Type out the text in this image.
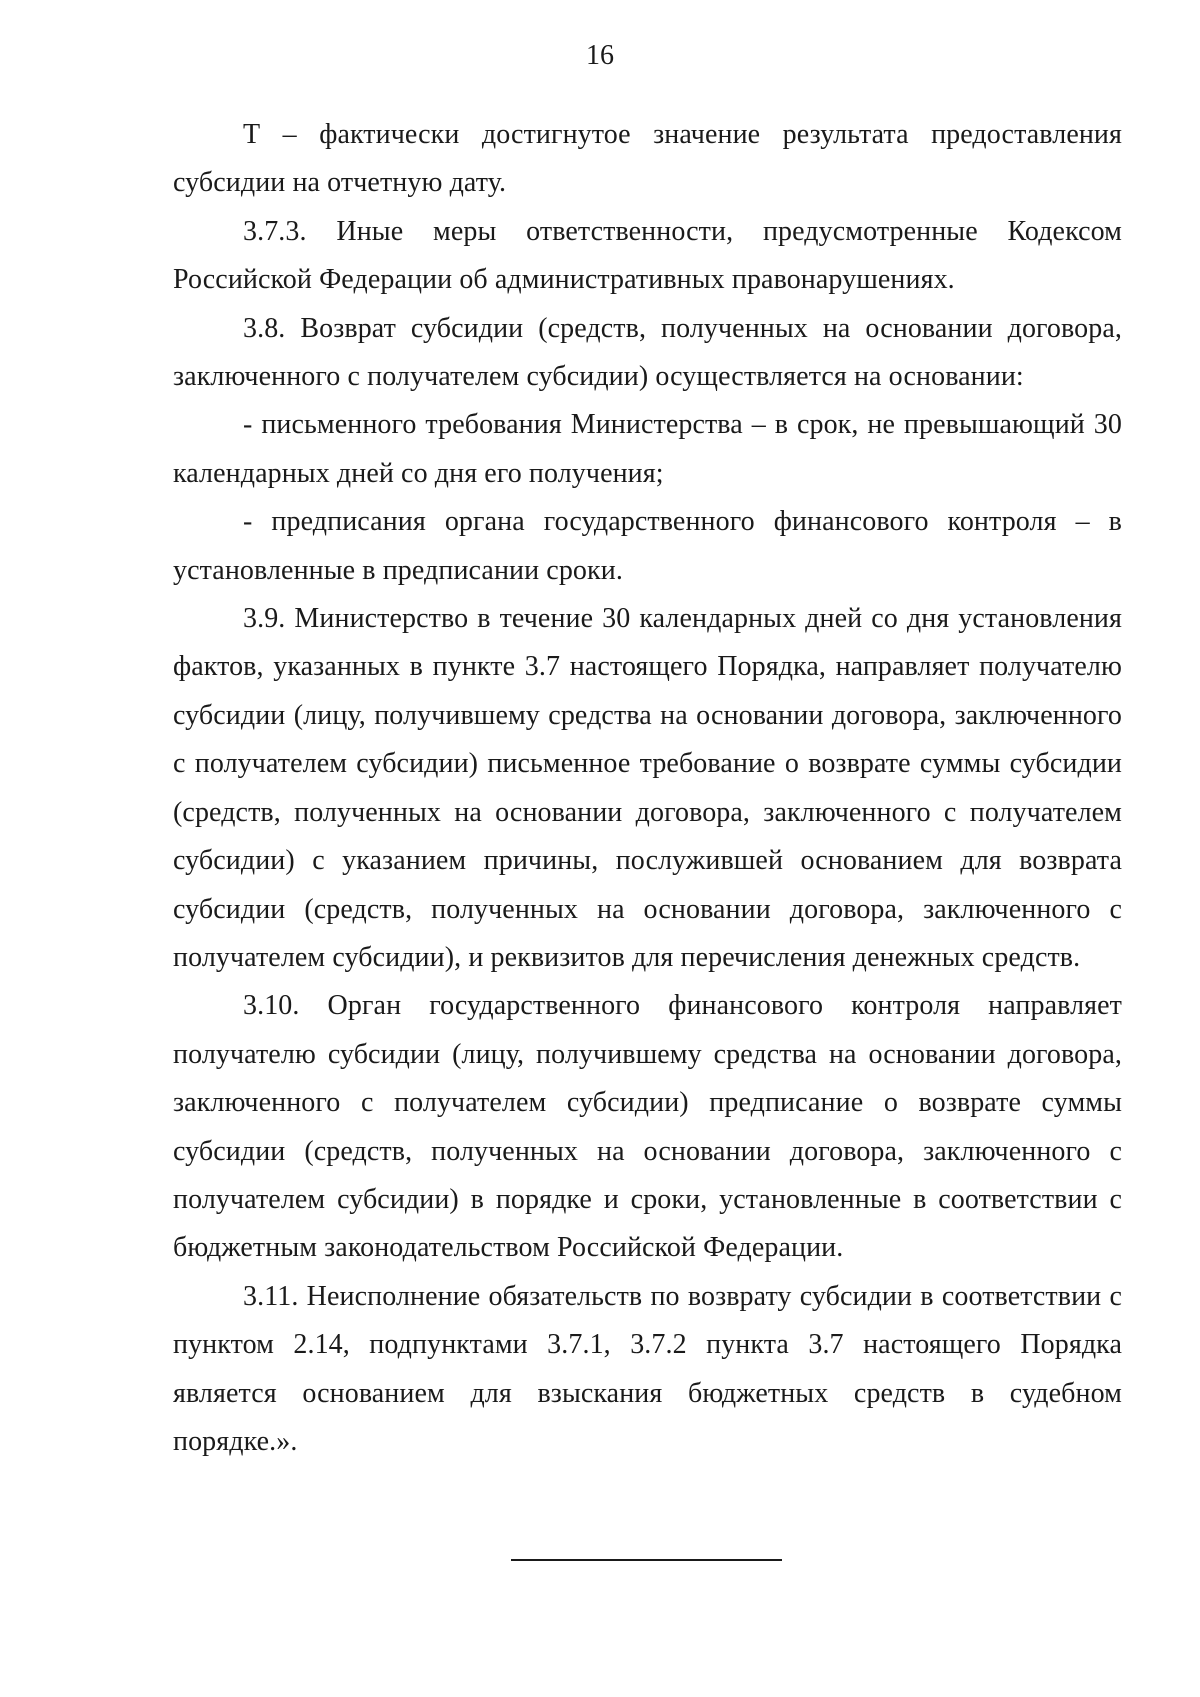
16

Т – фактически достигнутое значение результата предоставления субсидии на отчетную дату.

3.7.3. Иные меры ответственности, предусмотренные Кодексом Российской Федерации об административных правонарушениях.

3.8. Возврат субсидии (средств, полученных на основании договора, заключенного с получателем субсидии) осуществляется на основании:

- письменного требования Министерства – в срок, не превышающий 30 календарных дней со дня его получения;

- предписания органа государственного финансового контроля – в установленные в предписании сроки.

3.9. Министерство в течение 30 календарных дней со дня установления фактов, указанных в пункте 3.7 настоящего Порядка, направляет получателю субсидии (лицу, получившему средства на основании договора, заключенного с получателем субсидии) письменное требование о возврате суммы субсидии (средств, полученных на основании договора, заключенного с получателем субсидии) с указанием причины, послужившей основанием для возврата субсидии (средств, полученных на основании договора, заключенного с получателем субсидии), и реквизитов для перечисления денежных средств.

3.10. Орган государственного финансового контроля направляет получателю субсидии (лицу, получившему средства на основании договора, заключенного с получателем субсидии) предписание о возврате суммы субсидии (средств, полученных на основании договора, заключенного с получателем субсидии) в порядке и сроки, установленные в соответствии с бюджетным законодательством Российской Федерации.

3.11. Неисполнение обязательств по возврату субсидии в соответствии с пунктом 2.14, подпунктами 3.7.1, 3.7.2 пункта 3.7 настоящего Порядка является основанием для взыскания бюджетных средств в судебном порядке.».
